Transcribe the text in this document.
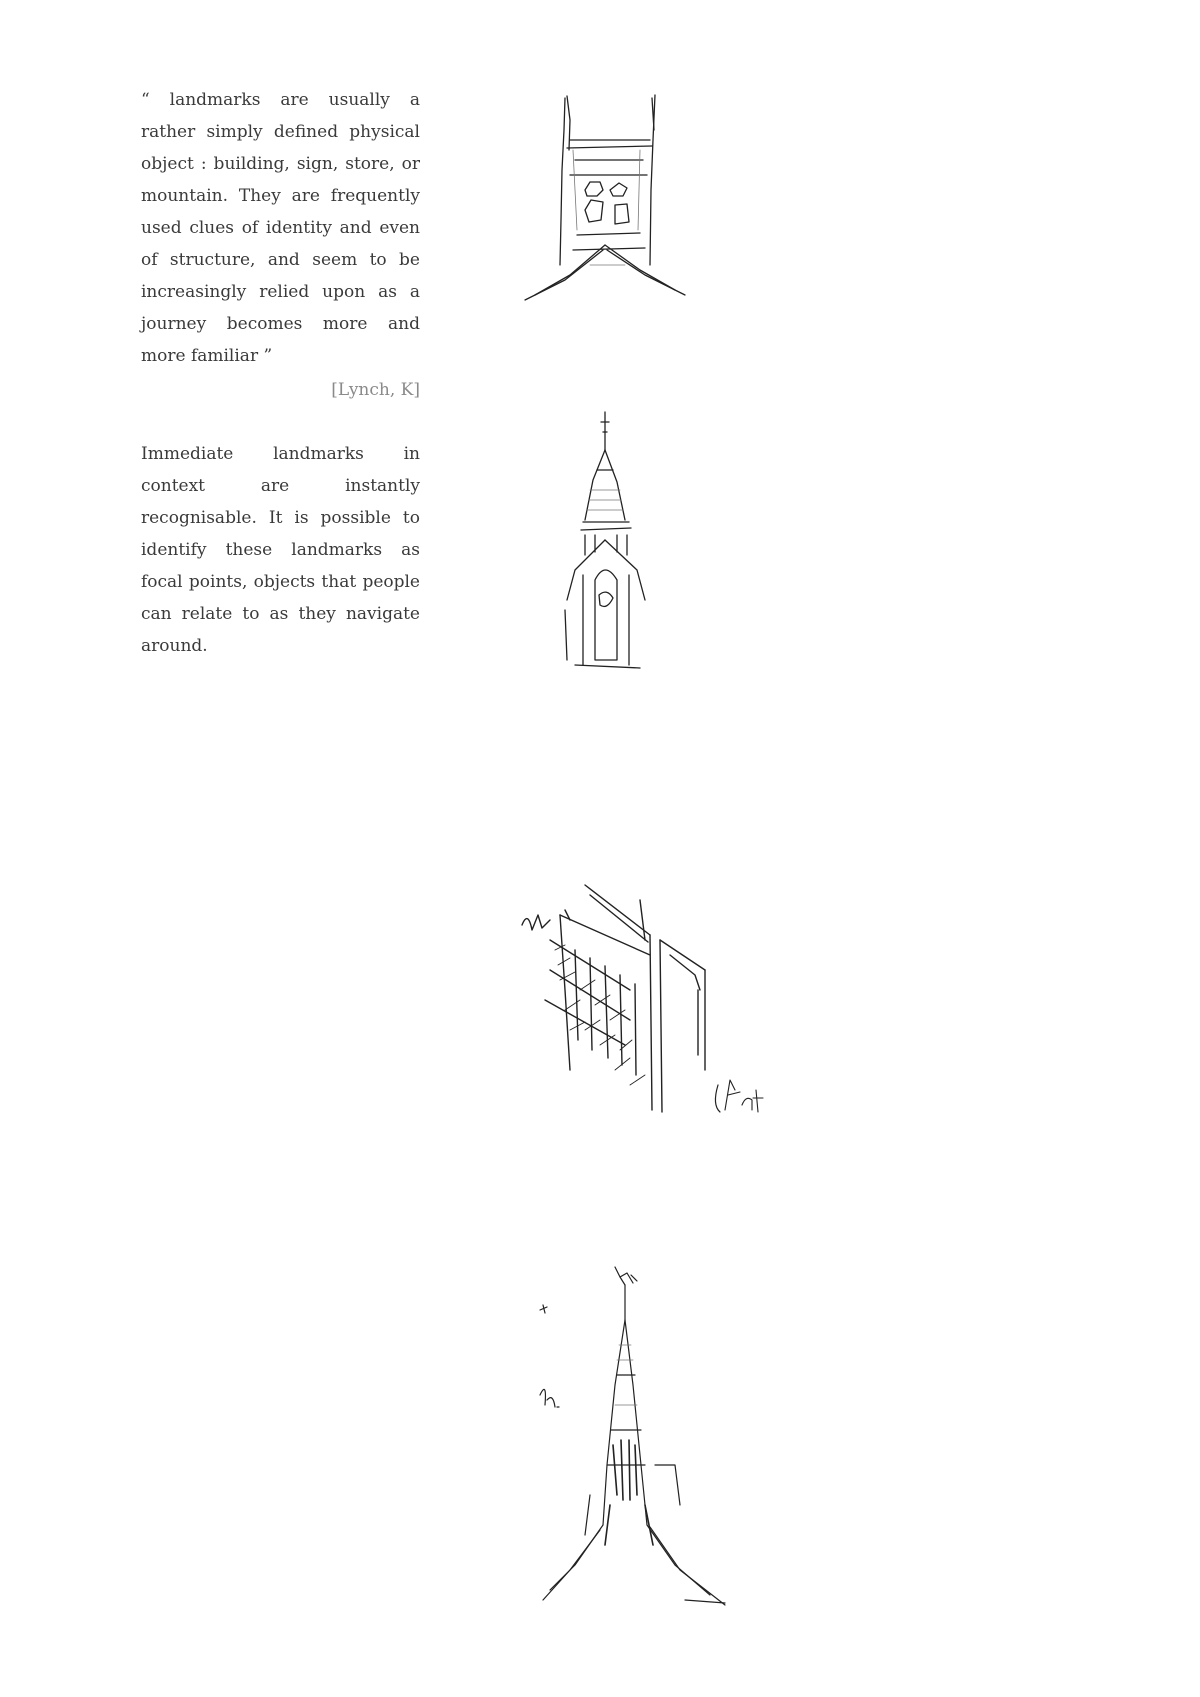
“ landmarks are usually a rather simply defined physical object : building, sign, store, or mountain. They are frequently used clues of identity and even of structure, and seem to be increasingly relied upon as a journey becomes more and more familiar ”

[Lynch, K]

Immediate landmarks in context are instantly recognisable. It is possible to identify these landmarks as focal points, objects that people can relate to as they navigate around.
